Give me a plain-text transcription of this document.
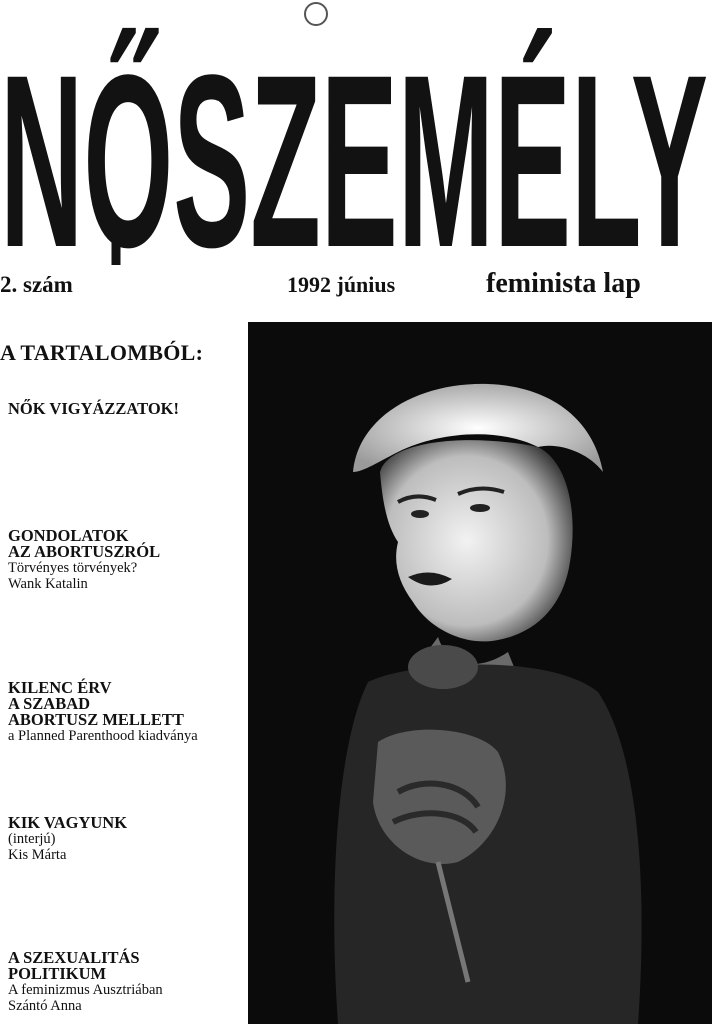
NŐSZEMÉLY
2. szám	1992 június	feminista lap
A TARTALOMBÓL:
NŐK VIGYÁZZATOK!
GONDOLATOK
AZ ABORTUSZRÓL
Törvényes törvények?
Wank Katalin
KILENC ÉRV
A SZABAD
ABORTUSZ MELLETT
a Planned Parenthood kiadványa
KIK VAGYUNK
(interjú)
Kis Márta
A SZEXUALITÁS
POLITIKUM
A feminizmus Ausztriában
Szántó Anna
